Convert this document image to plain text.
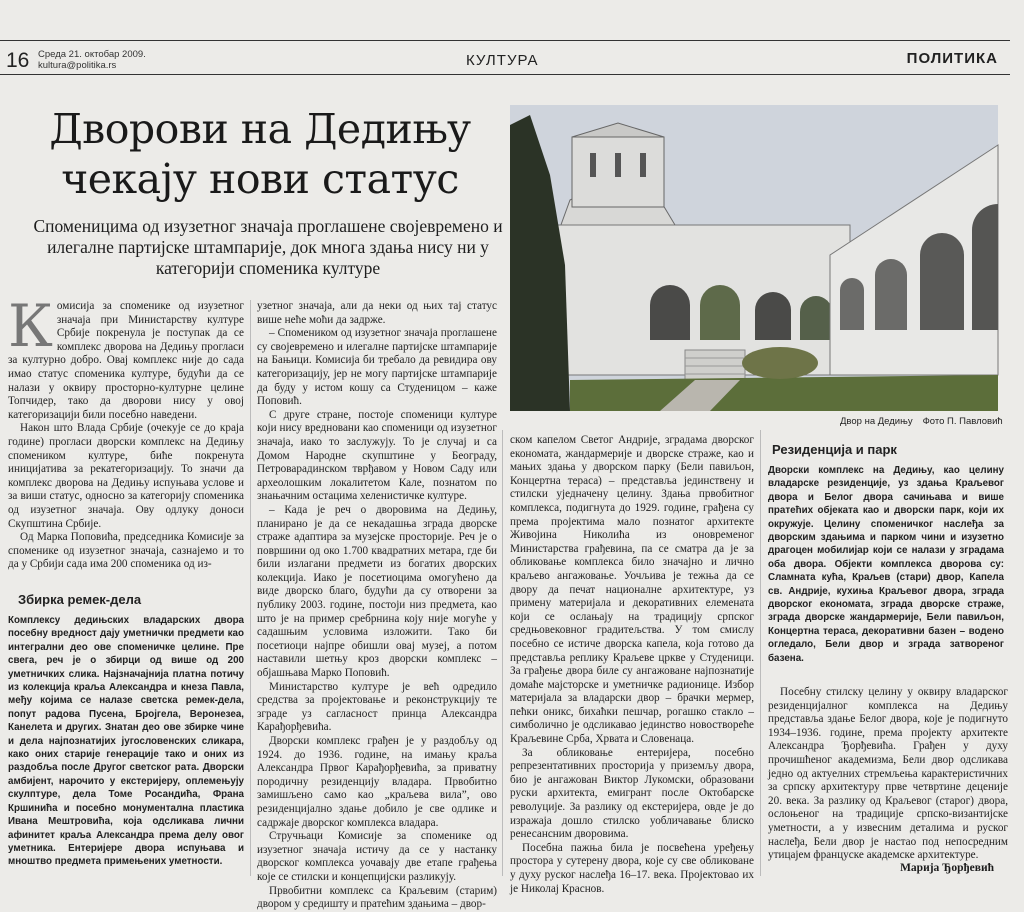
16 Среда 21. октобар 2009.
kultura@politika.rs	КУЛТУРА	ПОЛИТИКА
Дворови на Дедињу
чекају нови статус
Споменицима од изузетног значаја проглашене својевремено и илегалне партијске штампарије, док многа здања нису ни у категорији споменика културе
Двор на Дедињу Фото П. Павловић
К омисија за споменике од изузетног значаја при Министарству културе Србије покренула је поступак да се комплекс дворова на Дедињу прогласи за културно добро. Овај комплекс није до сада имао статус споменика културе, будући да се налази у оквиру просторно-културне целине Топчидер, тако да дворови нису у овој категоризацији били посебно наведени.

Након што Влада Србије (очекује се до краја године) прогласи дворски комплекс на Дедињу спомеником културе, биће покренута иницијатива за рекатегоризацију. То значи да комплекс дворова на Дедињу испуњава услове и за виши статус, односно за категорију споменика од изузетног значаја. Ову одлуку доноси Скупштина Србије.

Од Марка Поповића, председника Комисије за споменике од изузетног значаја, сазнајемо и то да у Србији сада има 200 споменика од из-

Збирка ремек-дела
Комплексу дедињских владарских двора посебну вредност дају уметнички предмети као интегрални део ове споменичке целине. Пре свега, реч је о збирци од више од 200 уметничких слика. Најзначајнија платна потичу из колекција краља Александра и кнеза Павла, међу којима се налазе светска ремек-дела, попут радова Пусена, Бројгела, Веронезеа, Канелета и других. Знатан део ове збирке чине и дела најпознатијих југословенских сликара, како оних старије генерације тако и оних из раздобља после Другог светског рата. Дворски амбијент, нарочито у екстеријеру, оплемењују скулптуре, дела Томе Росандића, Франа Кршинића и посебно монументална пластика Ивана Мештровића, која одсликава лични афинитет краља Александра према делу овог уметника. Ентеријере двора испуњава и мноштво предмета примењених уметности.

узетног значаја, али да неки од њих тај статус више неће моћи да задрже.

– Спомеником од изузетног значаја проглашене су својевремено и илегалне партијске штампарије на Бањици. Комисија би требало да ревидира ову категоризацију, јер не могу партијске штампарије да буду у истом кошу са Студеницом – каже Поповић.

С друге стране, постоје споменици културе који нису вредновани као споменици од изузетног значаја, иако то заслужују. То је случај и са Домом Народне скупштине у Београду, Петроварадинском тврђавом у Новом Саду или археолошким локалитетом Кале, познатом по знањачним остацима хеленистичке културе.

– Када је реч о дворовима на Дедињу, планирано је да се некадашња зграда дворске страже адаптира за музејске просторије. Реч је о површини од око 1.700 квадратних метара, где би били излагани предмети из богатих дворских колекција. Иако је посетиоцима омогућено да виде дворско благо, будући да су отворени за публику 2003. године, постоји низ предмета, као што је на пример сребрнина коју није могуће у садашњим условима изложити. Тако би посетиоци најпре обишли овај музеј, а потом наставили шетњу кроз дворски комплекс – објашњава Марко Поповић.

Министарство културе је већ одредило средства за пројектовање и реконструкцију те зграде уз сагласност принца Александра Карађорђевића.

Дворски комплекс грађен је у раздобљу од 1924. до 1936. године, на имању краља Александра Првог Карађорђевића, за приватну породичну резиденцију владара. Првобитно замишљено само као „краљева вила”, ово резиденцијално здање добило је све одлике и садржаје дворског комплекса владара.

Стручњаци Комисије за споменике од изузетног значаја истичу да се у настанку дворског комплекса уочавају две етапе грађења које се стилски и концепцијски разликују.

Првобитни комплекс са Краљевим (старим) двором у средишту и пратећим здањима – двор-

ском капелом Светог Андрије, зградама дворског економата, жандармерије и дворске страже, као и мањих здања у дворском парку (Бели павиљон, Концертна тераса) – представља јединствену и стилски уједначену целину. Здања првобитног комплекса, подигнута до 1929. године, грађена су према пројектима мало познатог архитекте Живојина Николића из оновременог Министарства грађевина, па се сматра да је за обликовање комплекса било значајно и лично краљево ангажовање. Уочљива је тежња да се двору да печат националне архитектуре, уз примену материјала и декоративних елемената који се ослањају на традицију српског средњовековног градитељства. У том смислу посебно се истиче дворска капела, која готово да представља реплику Краљеве цркве у Студеници. За грађење двора биле су ангажоване најпознатије домаће мајсторске и уметничке радионице. Избор материјала за владарски двор – брачки мермер, пећки оникс, бихаћки пешчар, рогашко стакло – симболично је одсликавао јединство новоствореће Краљевине Срба, Хрвата и Словенаца.

За обликовање ентеријера, посебно репрезентативних просторија у приземљу двора, био је ангажован Виктор Лукомски, образовани руски архитекта, емигрант после Октобарске револуције. За разлику од екстеријера, овде је до изражаја дошло стилско уобличавање блиско ренесансним дворовима.

Посебна пажња била је посвећена уређењу простора у сутерену двора, које су све обликоване у духу руског наслеђа 16–17. века. Пројектовао их је Николај Краснов.

Резиденција и парк
Дворски комплекс на Дедињу, као целину владарске резиденције, уз здања Краљевог двора и Белог двора сачињава и више пратећих објеката као и дворски парк, који их окружује. Целину споменичког наслеђа за дворским здањима и парком чини и изузетно драгоцен мобилијар који се налази у зградама оба двора. Објекти комплекса дворова су: Сламната кућа, Краљев (стари) двор, Капела св. Андрије, кухиња Краљевог двора, зграда дворског економата, зграда дворске страже, зграда дворске жандармерије, Бели павиљон, Концертна тераса, декоративни базен – водено огледало, Бели двор и зграда затвореног базена.

Посебну стилску целину у оквиру владарског резиденцијалног комплекса на Дедињу представља здање Белог двора, које је подигнуто 1934–1936. године, према пројекту архитекте Александра Ђорђевића. Грађен у духу прочишћеног академизма, Бели двор одсликава једно од актуелних стремљења карактеристичних за српску архитектуру прве четвртине деценије 20. века. За разлику од Краљевог (старог) двора, ослоњеног на традиције српско-византијске уметности, а у извесним деталима и руског наслеђа, Бели двор је настао под непосредним утицајем француске академске архитектуре.

Марија Ђорђевић
